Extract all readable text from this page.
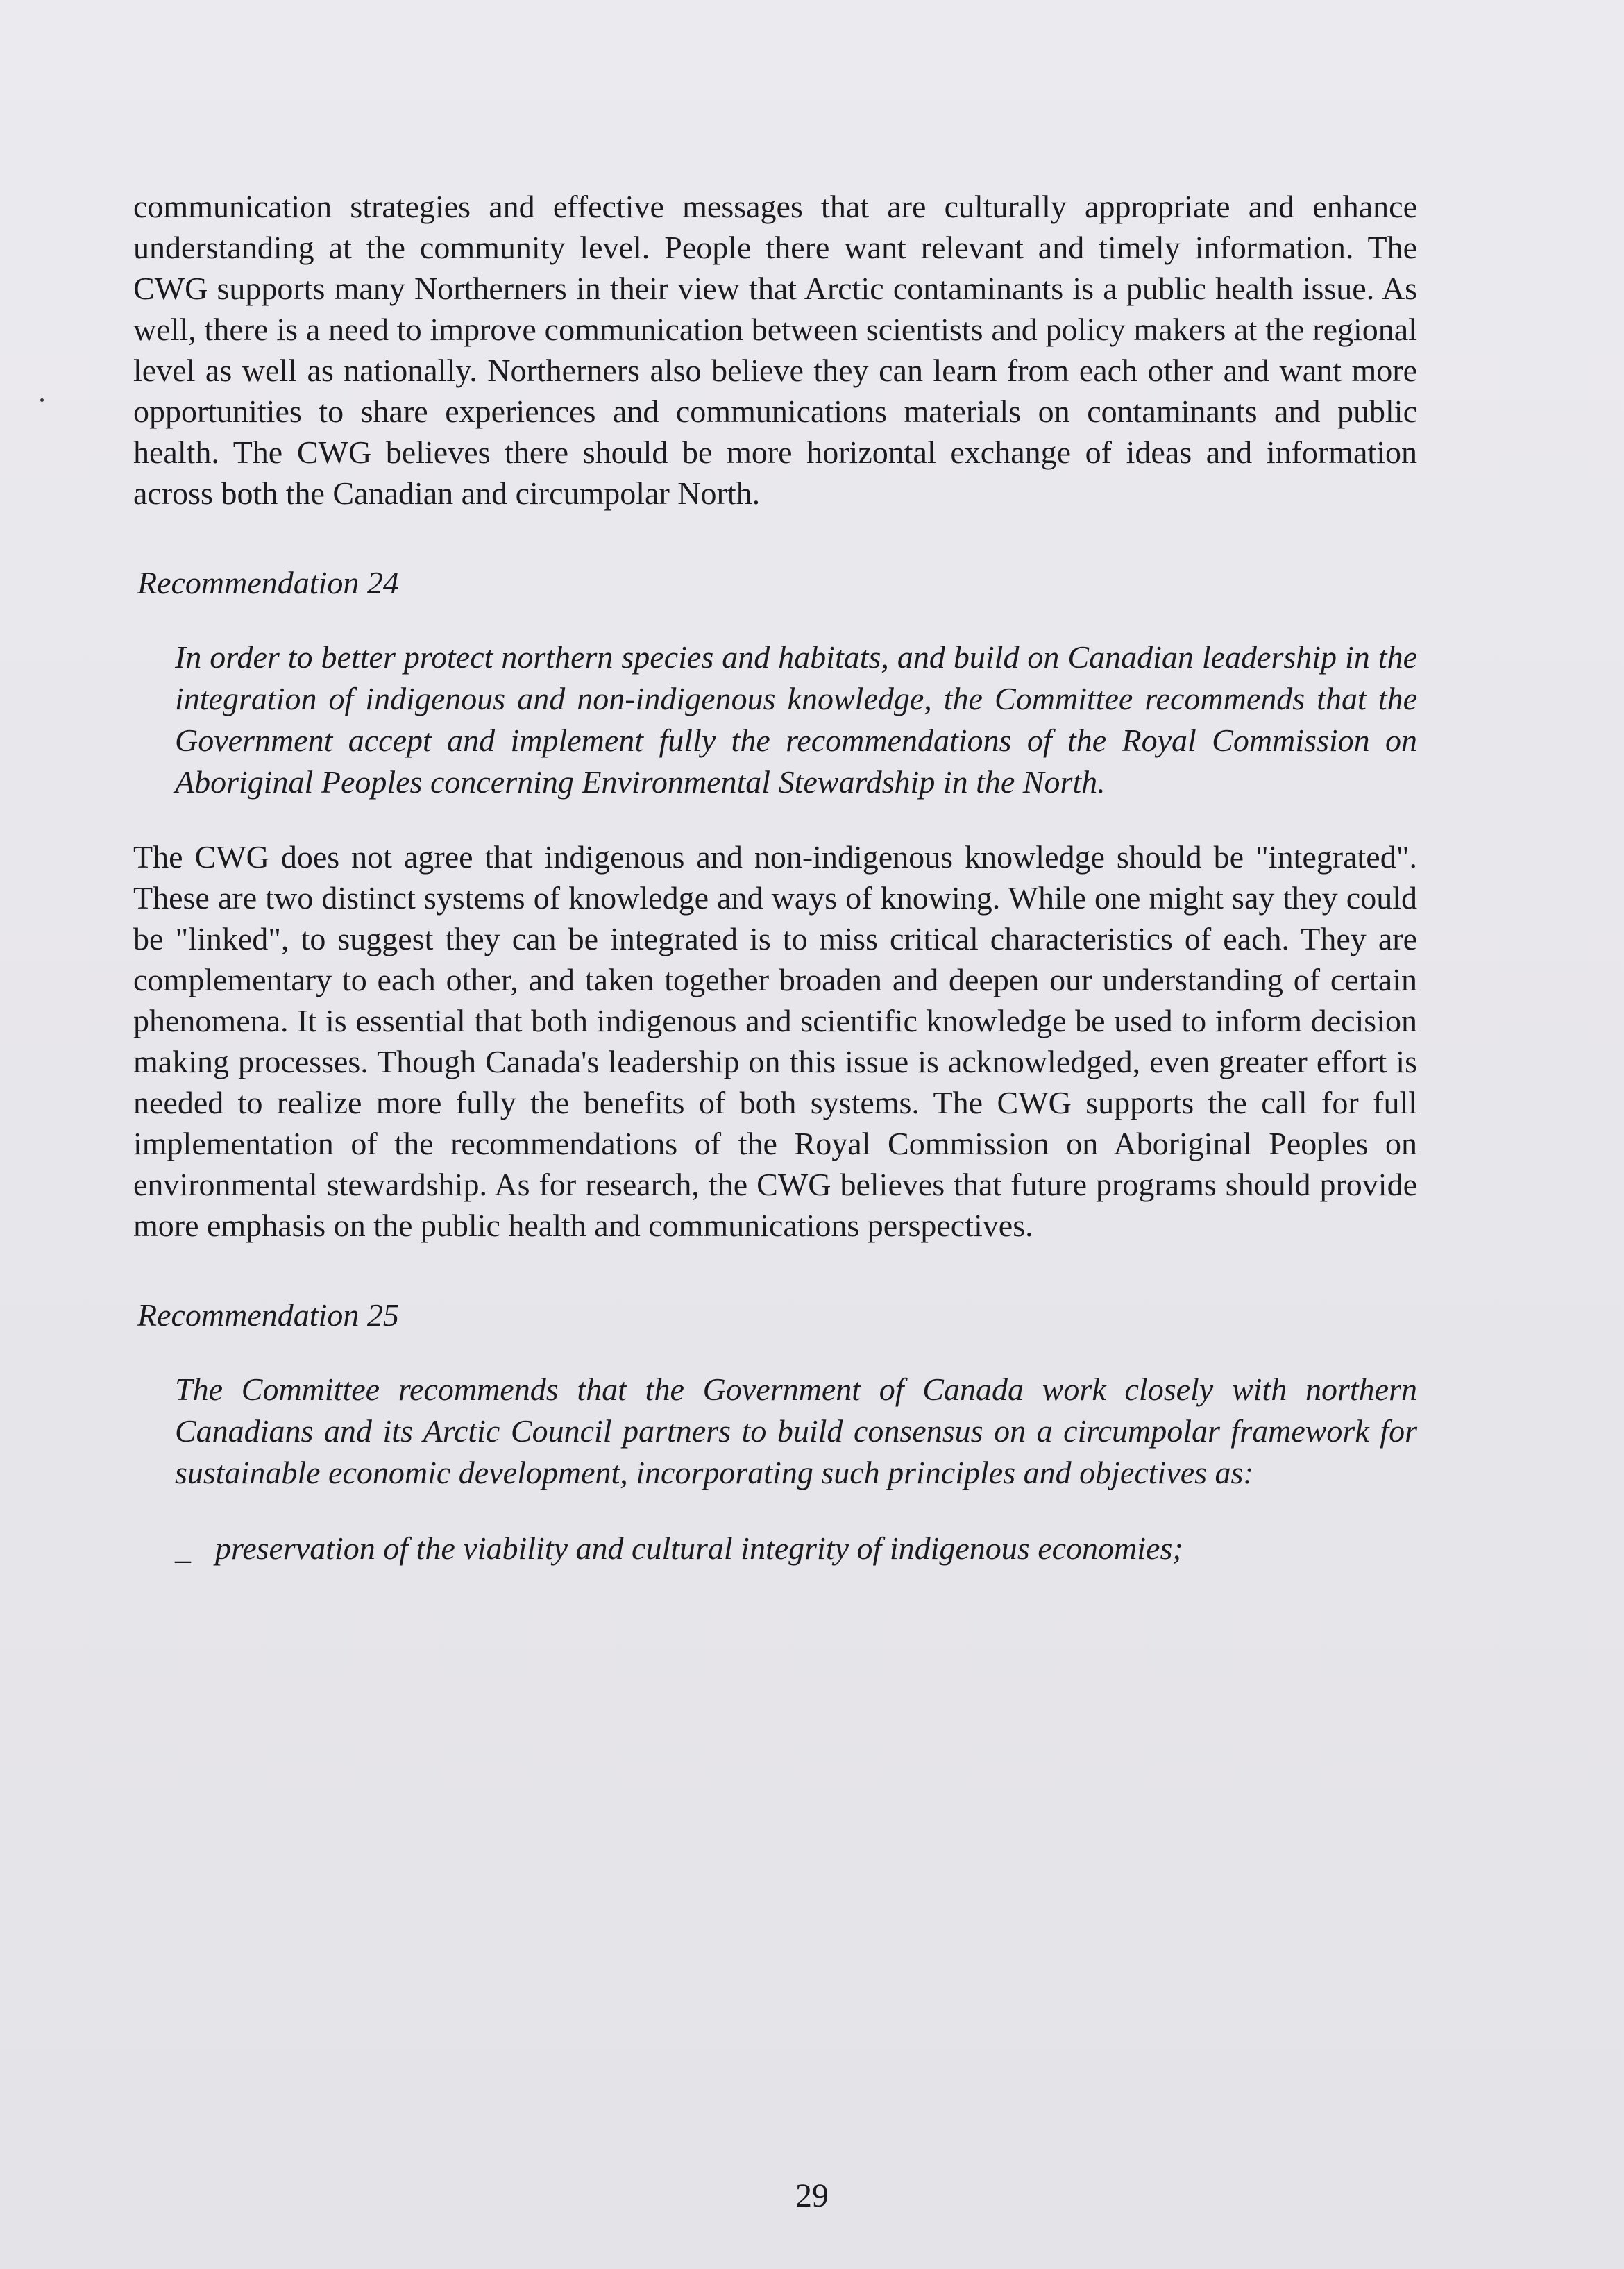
communication strategies and effective messages that are culturally appropriate and enhance understanding at the community level. People there want relevant and timely information. The CWG supports many Northerners in their view that Arctic contaminants is a public health issue. As well, there is a need to improve communication between scientists and policy makers at the regional level as well as nationally. Northerners also believe they can learn from each other and want more opportunities to share experiences and communications materials on contaminants and public health. The CWG believes there should be more horizontal exchange of ideas and information across both the Canadian and circumpolar North.

Recommendation 24

In order to better protect northern species and habitats, and build on Canadian leadership in the integration of indigenous and non-indigenous knowledge, the Committee recommends that the Government accept and implement fully the recommendations of the Royal Commission on Aboriginal Peoples concerning Environmental Stewardship in the North.

The CWG does not agree that indigenous and non-indigenous knowledge should be "integrated". These are two distinct systems of knowledge and ways of knowing. While one might say they could be "linked", to suggest they can be integrated is to miss critical characteristics of each. They are complementary to each other, and taken together broaden and deepen our understanding of certain phenomena. It is essential that both indigenous and scientific knowledge be used to inform decision making processes. Though Canada's leadership on this issue is acknowledged, even greater effort is needed to realize more fully the benefits of both systems. The CWG supports the call for full implementation of the recommendations of the Royal Commission on Aboriginal Peoples on environmental stewardship. As for research, the CWG believes that future programs should provide more emphasis on the public health and communications perspectives.

Recommendation 25

The Committee recommends that the Government of Canada work closely with northern Canadians and its Arctic Council partners to build consensus on a circumpolar framework for sustainable economic development, incorporating such principles and objectives as:

_ preservation of the viability and cultural integrity of indigenous economies;
29
